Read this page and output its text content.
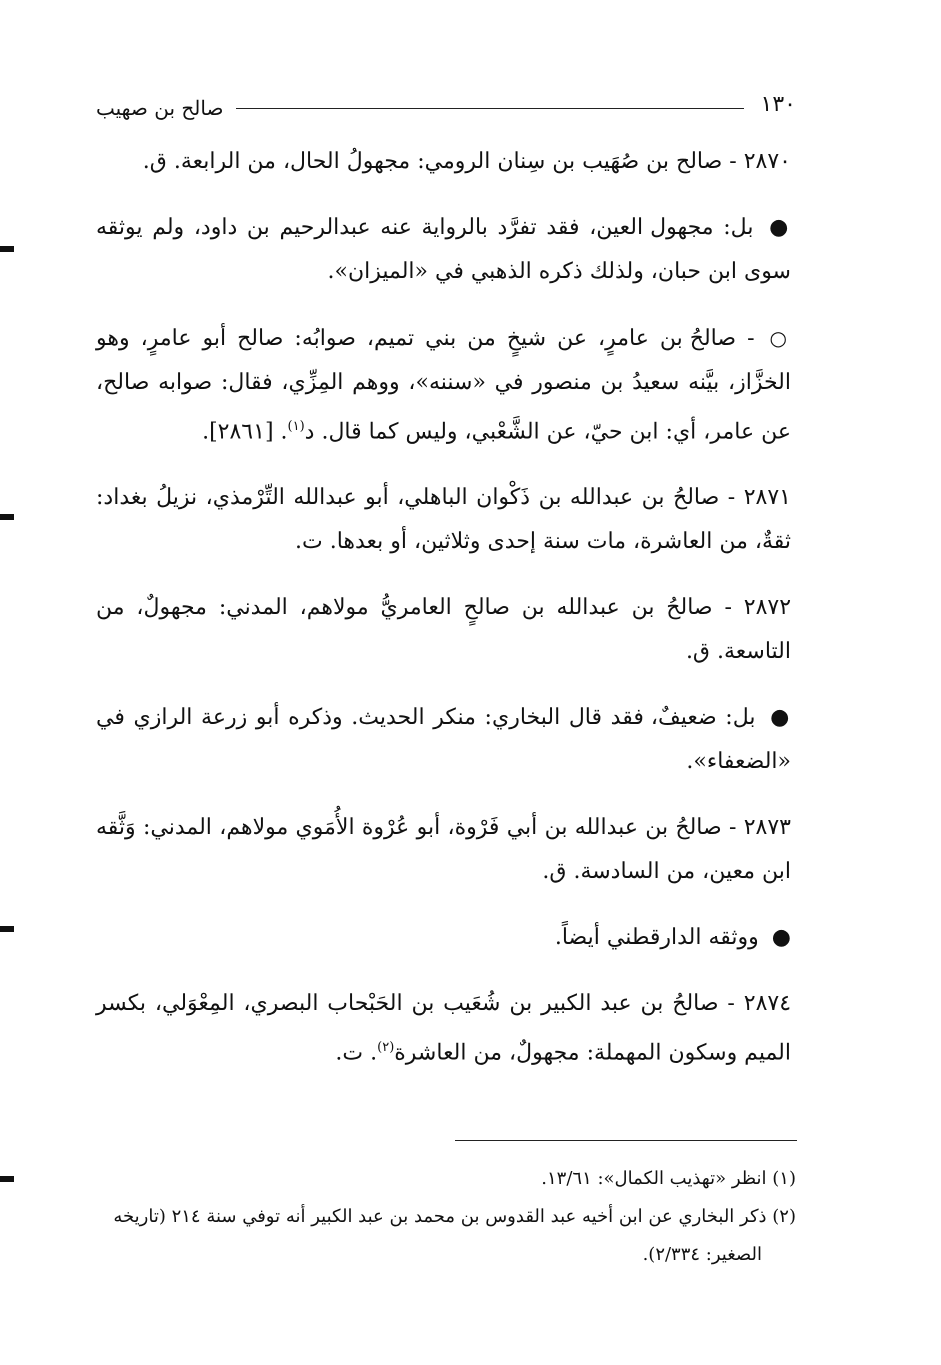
١٣٠
صالح بن صهيب

٢٨٧٠ - صالح بن صُهَيب بن سِنان الرومي: مجهولُ الحال، من الرابعة. ق.

● بل: مجهول العين، فقد تفرَّد بالرواية عنه عبدالرحيم بن داود، ولم يوثقه سوى ابن حبان، ولذلك ذكره الذهبي في «الميزان».

○ - صالحُ بن عامرٍ، عن شيخٍ من بني تميم، صوابُه: صالح أبو عامرٍ، وهو الخزَّاز، بيَّنه سعيدُ بن منصور في «سننه»، ووهم المِزِّي، فقال: صوابه صالح، عن عامر، أي: ابن حيّ، عن الشَّعْبي، وليس كما قال. د$^{(١)}$. [٢٨٦١].

٢٨٧١ - صالحُ بن عبدالله بن ذَكْوان الباهلي، أبو عبدالله التِّرْمذي، نزيلُ بغداد: ثقةٌ، من العاشرة، مات سنة إحدى وثلاثين، أو بعدها. ت.

٢٨٧٢ - صالحُ بن عبدالله بن صالحٍ العامريُّ مولاهم، المدني: مجهولٌ، من التاسعة. ق.

● بل: ضعيفٌ، فقد قال البخاري: منكر الحديث. وذكره أبو زرعة الرازي في «الضعفاء».

٢٨٧٣ - صالحُ بن عبدالله بن أبي فَرْوة، أبو عُرْوة الأُمَوي مولاهم، المدني: وَثَّقه ابن معين، من السادسة. ق.

● ووثقه الدارقطني أيضاً.

٢٨٧٤ - صالحُ بن عبد الكبير بن شُعَيب بن الحَبْحاب البصري، المِعْوَلي، بكسر الميم وسكون المهملة: مجهولٌ، من العاشرة$^{(٢)}$. ت.

(١) انظر «تهذيب الكمال»: ١٣/٦١.

(٢) ذكر البخاري عن ابن أخيه عبد القدوس بن محمد بن عبد الكبير أنه توفي سنة ٢١٤ (تاريخه

الصغير: ٢/٣٣٤).
